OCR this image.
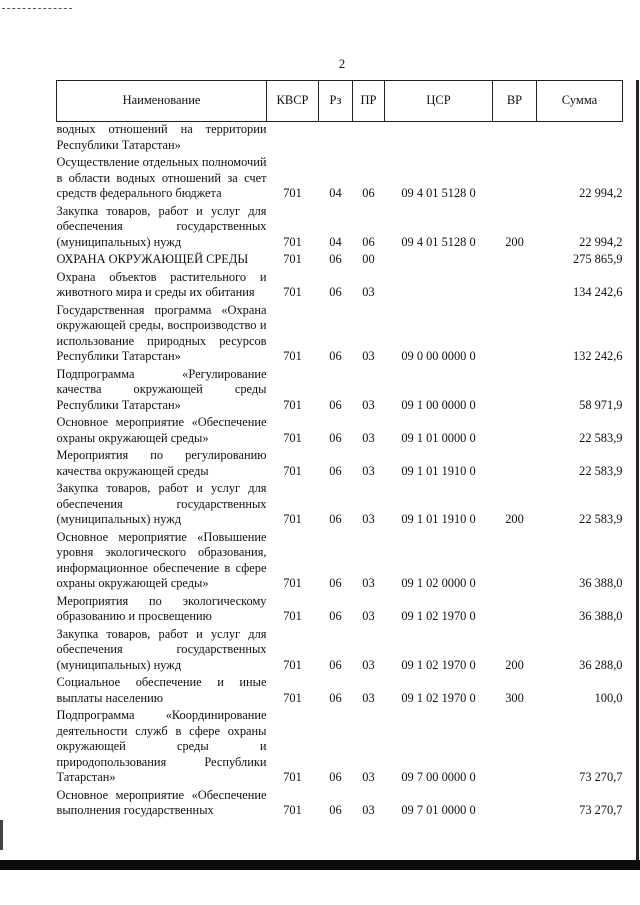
2
Наименование	КВСР	Рз	ПР	ЦСР	ВР	Сумма
водных отношений на территории Республики Татарстан»						
Осуществление отдельных полномочий в области водных отношений за счет средств федерального бюджета	701	04	06	09 4 01 5128 0		22 994,2
Закупка товаров, работ и услуг для обеспечения государственных (муниципальных) нужд	701	04	06	09 4 01 5128 0	200	22 994,2
ОХРАНА ОКРУЖАЮЩЕЙ СРЕДЫ	701	06	00			275 865,9
Охрана объектов растительного и животного мира и среды их обитания	701	06	03			134 242,6
Государственная программа «Охрана окружающей среды, воспроизводство и использование природных ресурсов Республики Татарстан»	701	06	03	09 0 00 0000 0		132 242,6
Подпрограмма «Регулирование качества окружающей среды Республики Татарстан»	701	06	03	09 1 00 0000 0		58 971,9
Основное мероприятие «Обеспечение охраны окружающей среды»	701	06	03	09 1 01 0000 0		22 583,9
Мероприятия по регулированию качества окружающей среды	701	06	03	09 1 01 1910 0		22 583,9
Закупка товаров, работ и услуг для обеспечения государственных (муниципальных) нужд	701	06	03	09 1 01 1910 0	200	22 583,9
Основное мероприятие «Повышение уровня экологического образования, информационное обеспечение в сфере охраны окружающей среды»	701	06	03	09 1 02 0000 0		36 388,0
Мероприятия по экологическому образованию и просвещению	701	06	03	09 1 02 1970 0		36 388,0
Закупка товаров, работ и услуг для обеспечения государственных (муниципальных) нужд	701	06	03	09 1 02 1970 0	200	36 288,0
Социальное обеспечение и иные выплаты населению	701	06	03	09 1 02 1970 0	300	100,0
Подпрограмма «Координирование деятельности служб в сфере охраны окружающей среды и природопользования Республики Татарстан»	701	06	03	09 7 00 0000 0		73 270,7
Основное мероприятие «Обеспечение выполнения государственных	701	06	03	09 7 01 0000 0		73 270,7
